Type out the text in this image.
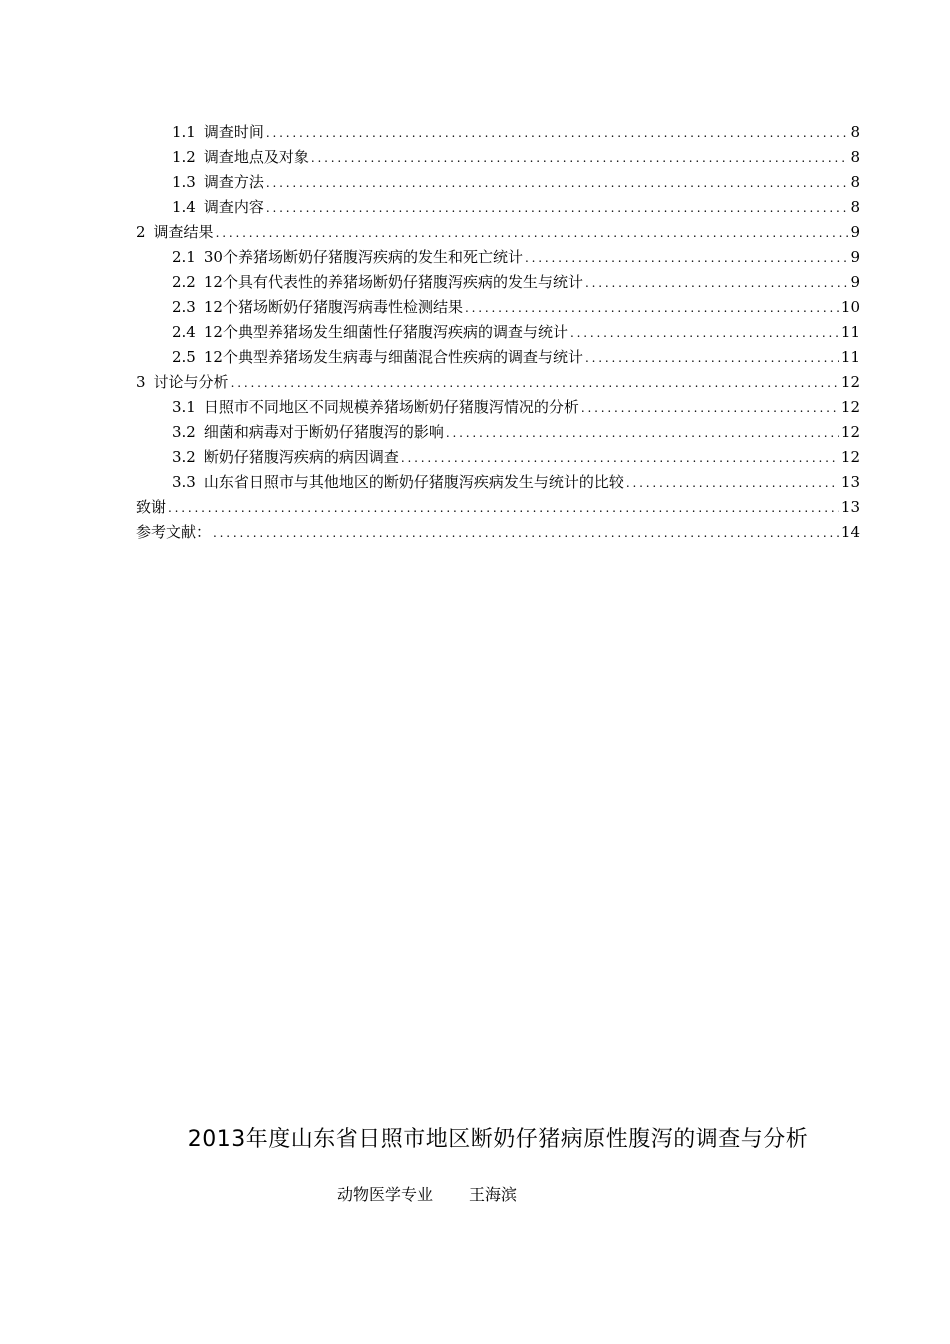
1.1 调查时间 . . .	8
1.2 调查地点及对象 . . .	8
1.3 调查方法 . . .	8
1.4 调查内容 . . .	8
2 调查结果 . . .	9
2.1 30个养猪场断奶仔猪腹泻疾病的发生和死亡统计 . . .	9
2.2 12个具有代表性的养猪场断奶仔猪腹泻疾病的发生与统计 . . .	9
2.3 12个猪场断奶仔猪腹泻病毒性检测结果 . . .	10
2.4 12个典型养猪场发生细菌性仔猪腹泻疾病的调查与统计 . . .	11
2.5 12个典型养猪场发生病毒与细菌混合性疾病的调查与统计 . . .	11
3 讨论与分析 . . .	12
3.1 日照市不同地区不同规模养猪场断奶仔猪腹泻情况的分析 . . .	12
3.2 细菌和病毒对于断奶仔猪腹泻的影响 . . .	12
3.2 断奶仔猪腹泻疾病的病因调查 . . .	12
3.3 山东省日照市与其他地区的断奶仔猪腹泻疾病发生与统计的比较 . . .	13
致谢 . . .	13
参考文献： . . .	14
2013年度山东省日照市地区断奶仔猪病原性腹泻的调查与分析
动物医学专业 王海滨
